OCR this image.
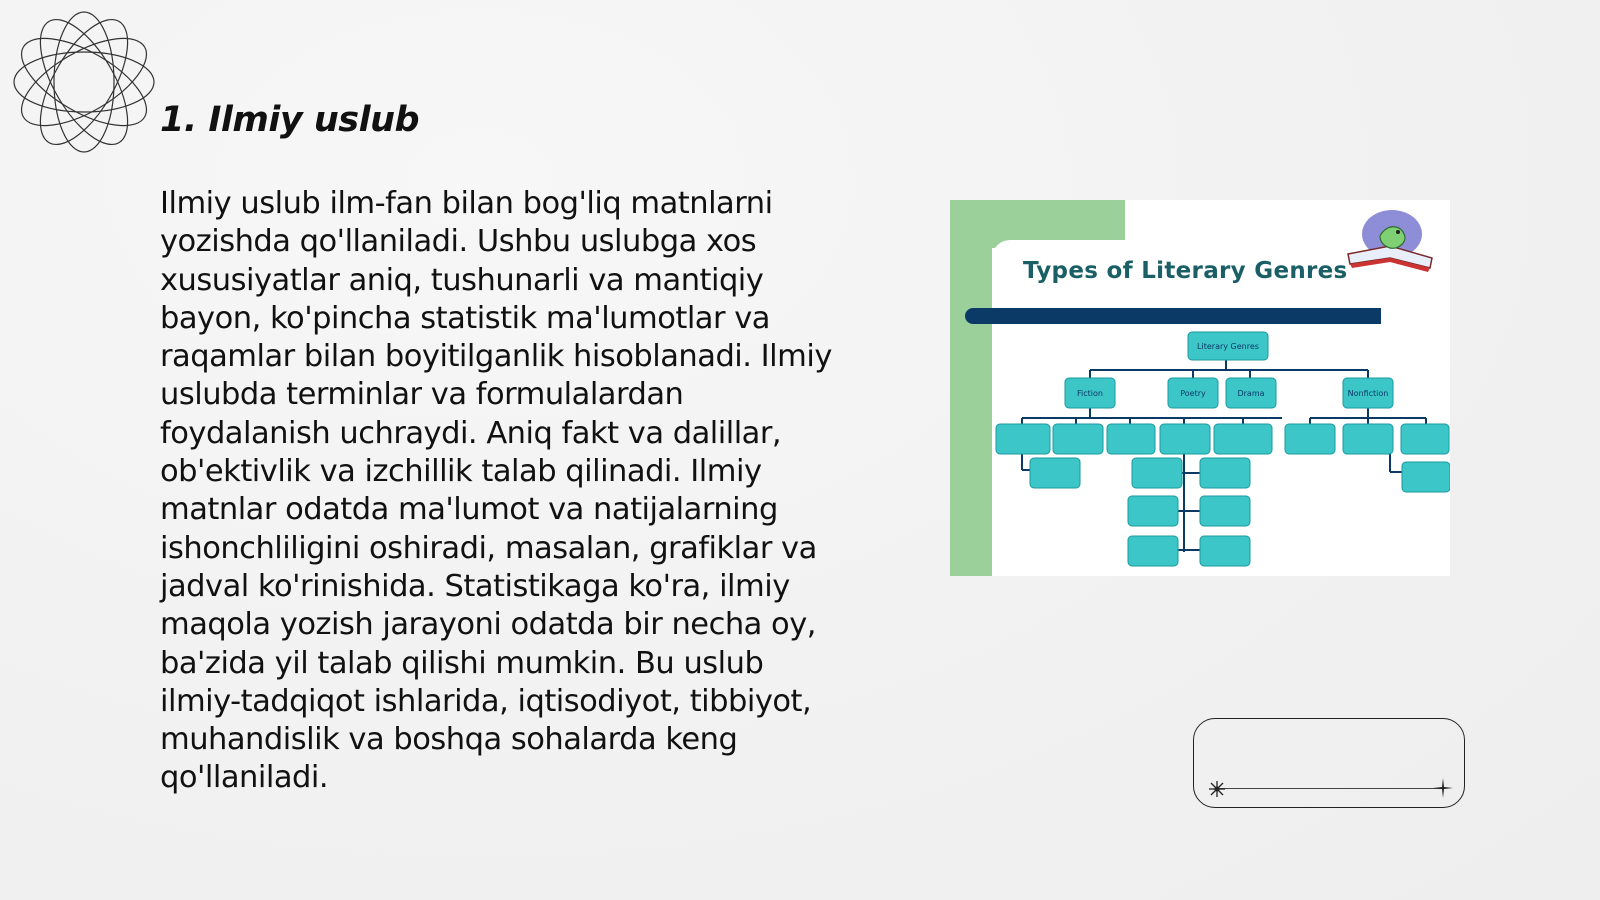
1. Ilmiy uslub

Ilmiy uslub ilm-fan bilan bog'liq matnlarni yozishda qo'llaniladi. Ushbu uslubga xos xususiyatlar aniq, tushunarli va mantiqiy bayon, ko'pincha statistik ma'lumotlar va raqamlar bilan boyitilganlik hisoblanadi. Ilmiy uslubda terminlar va formulalardan foydalanish uchraydi. Aniq fakt va dalillar, ob'ektivlik va izchillik talab qilinadi. Ilmiy matnlar odatda ma'lumot va natijalarning ishonchliligini oshiradi, masalan, grafiklar va jadval ko'rinishida. Statistikaga ko'ra, ilmiy maqola yozish jarayoni odatda bir necha oy, ba'zida yil talab qilishi mumkin. Bu uslub ilmiy-tadqiqot ishlarida, iqtisodiyot, tibbiyot, muhandislik va boshqa sohalarda keng qo'llaniladi.

Types of Literary Genres
Literary Genres
Fiction	Poetry	Drama	Nonfiction
